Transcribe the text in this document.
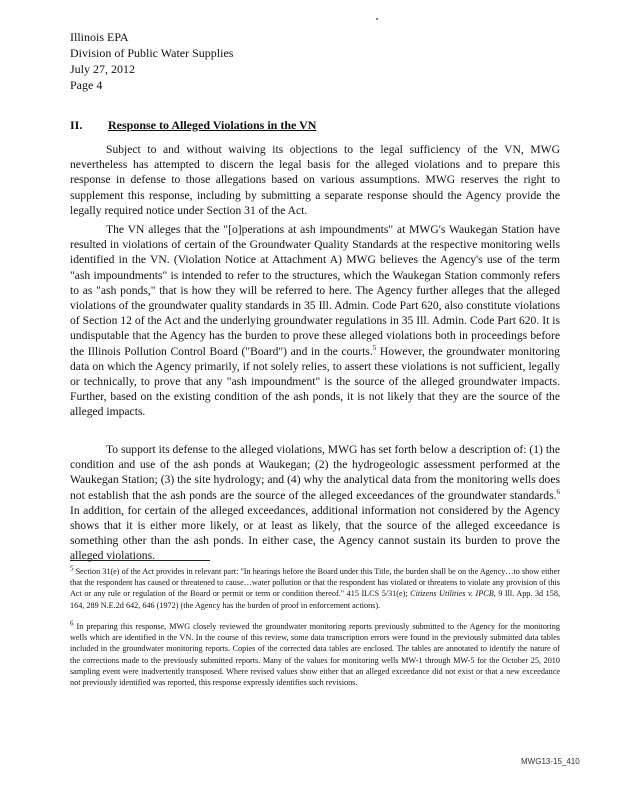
Illinois EPA
Division of Public Water Supplies
July 27, 2012
Page 4
II. Response to Alleged Violations in the VN

Subject to and without waiving its objections to the legal sufficiency of the VN, MWG nevertheless has attempted to discern the legal basis for the alleged violations and to prepare this response in defense to those allegations based on various assumptions. MWG reserves the right to supplement this response, including by submitting a separate response should the Agency provide the legally required notice under Section 31 of the Act.

The VN alleges that the "[o]perations at ash impoundments" at MWG's Waukegan Station have resulted in violations of certain of the Groundwater Quality Standards at the respective monitoring wells identified in the VN. (Violation Notice at Attachment A) MWG believes the Agency's use of the term "ash impoundments" is intended to refer to the structures, which the Waukegan Station commonly refers to as "ash ponds," that is how they will be referred to here. The Agency further alleges that the alleged violations of the groundwater quality standards in 35 Ill. Admin. Code Part 620, also constitute violations of Section 12 of the Act and the underlying groundwater regulations in 35 Ill. Admin. Code Part 620. It is undisputable that the Agency has the burden to prove these alleged violations both in proceedings before the Illinois Pollution Control Board ("Board") and in the courts.$^5$ However, the groundwater monitoring data on which the Agency primarily, if not solely relies, to assert these violations is not sufficient, legally or technically, to prove that any "ash impoundment" is the source of the alleged groundwater impacts. Further, based on the existing condition of the ash ponds, it is not likely that they are the source of the alleged impacts.

To support its defense to the alleged violations, MWG has set forth below a description of: (1) the condition and use of the ash ponds at Waukegan; (2) the hydrogeologic assessment performed at the Waukegan Station; (3) the site hydrology; and (4) why the analytical data from the monitoring wells does not establish that the ash ponds are the source of the alleged exceedances of the groundwater standards.$^6$ In addition, for certain of the alleged exceedances, additional information not considered by the Agency shows that it is either more likely, or at least as likely, that the source of the alleged exceedance is something other than the ash ponds. In either case, the Agency cannot sustain its burden to prove the alleged violations.

$^5$ Section 31(e) of the Act provides in relevant part: "In hearings before the Board under this Title, the burden shall be on the Agency…to show either that the respondent has caused or threatened to cause…water pollution or that the respondent has violated or threatens to violate any provision of this Act or any rule or regulation of the Board or permit or term or condition thereof." 415 ILCS 5/31(e); Citizens Utilities v. IPCB, 9 Ill. App. 3d 158, 164, 289 N.E.2d 642, 646 (1972) (the Agency has the burden of proof in enforcement actions).

$^6$ In preparing this response, MWG closely reviewed the groundwater monitoring reports previously submitted to the Agency for the monitoring wells which are identified in the VN. In the course of this review, some data transcription errors were found in the previously submitted data tables included in the groundwater monitoring reports. Copies of the corrected data tables are enclosed. The tables are annotated to identify the nature of the corrections made to the previously submitted reports. Many of the values for monitoring wells MW-1 through MW-5 for the October 25, 2010 sampling event were inadvertently transposed. Where revised values show either that an alleged exceedance did not exist or that a new exceedance not previously identified was reported, this response expressly identifies such revisions.

MWG13-15_410
